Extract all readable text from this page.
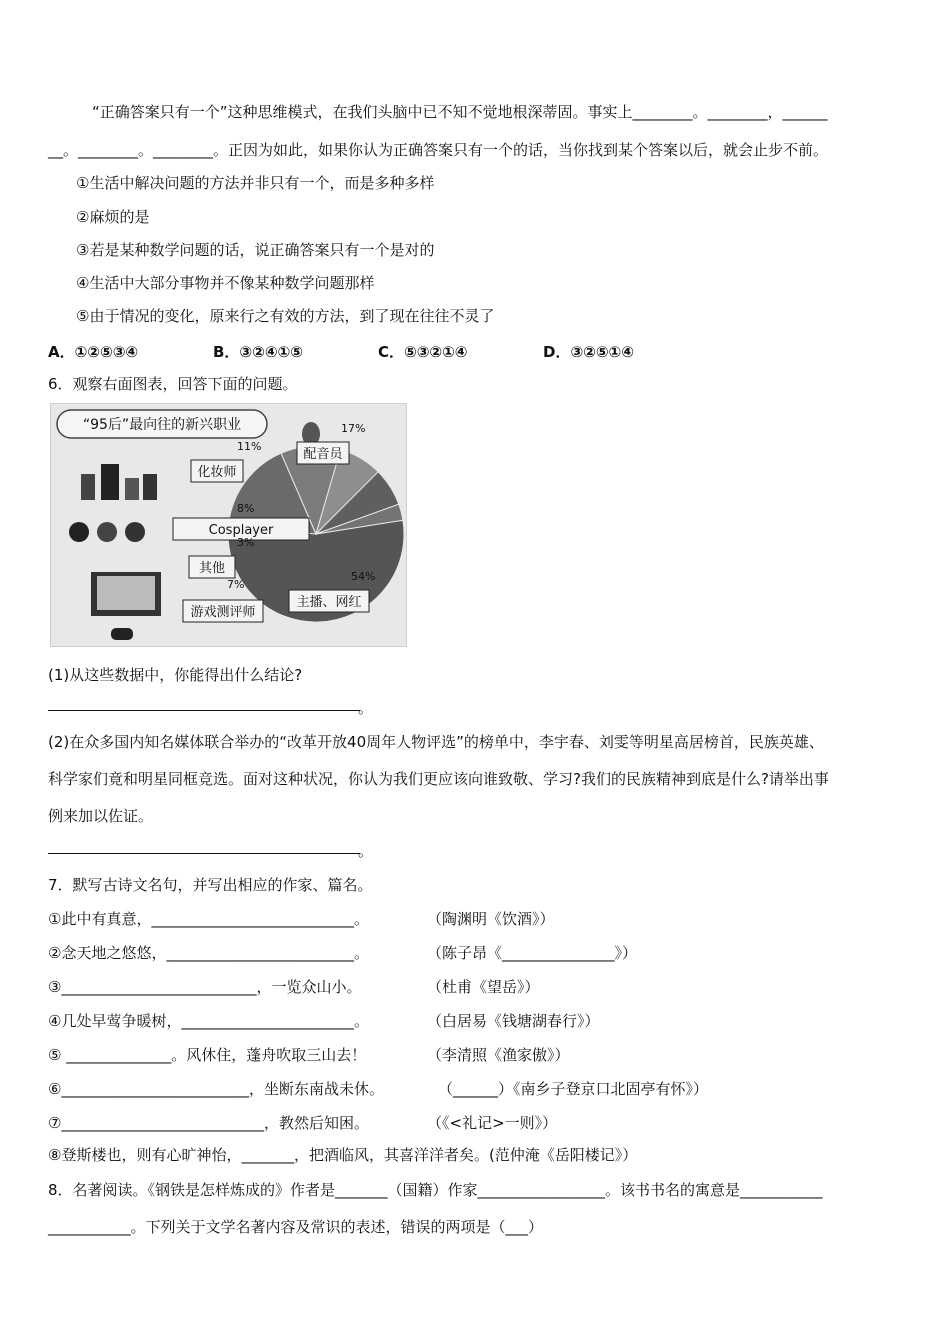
“正确答案只有一个”这种思维模式，在我们头脑中已不知不觉地根深蒂固。事实上________。________，______
__。________。________。正因为如此，如果你认为正确答案只有一个的话，当你找到某个答案以后，就会止步不前。
①生活中解决问题的方法并非只有一个，而是多种多样
②麻烦的是
③若是某种数学问题的话，说正确答案只有一个是对的
④生活中大部分事物并不像某种数学问题那样
⑤由于情况的变化，原来行之有效的方法，到了现在往往不灵了
A．①②⑤③④	B．③②④①⑤	C．⑤③②①④	D．③②⑤①④
6．观察右面图表，回答下面的问题。
“95后”最向往的新兴职业
主播、网红
54%
配音员
17%
化妆师
11%
Cosplayer
8%
游戏测评师
7%
其他
3%
(1)从这些数据中，你能得出什么结论?
。
(2)在众多国内知名媒体联合举办的“改革开放40周年人物评选”的榜单中，李宇春、刘雯等明星高居榜首，民族英雄、
科学家们竟和明星同框竞选。面对这种状况，你认为我们更应该向谁致敬、学习?我们的民族精神到底是什么?请举出事
例来加以佐证。
。
7．默写古诗文名句，并写出相应的作家、篇名。
①此中有真意，___________________________。	（陶渊明《饮酒》）
②念天地之悠悠，_________________________。	（陈子昂《_______________》）
③__________________________，一览众山小。	（杜甫《望岳》）
④几处早莺争暖树，_______________________。	（白居易《钱塘湖春行》）
⑤ ______________。风休住，蓬舟吹取三山去！	（李清照《渔家傲》）
⑥_________________________，坐断东南战未休。	（______）《南乡子登京口北固亭有怀》）
⑦___________________________，教然后知困。	（《<礼记>一则》）
⑧登斯楼也，则有心旷神怡，_______，把酒临风，其喜洋洋者矣。(范仲淹《岳阳楼记》）
8．名著阅读。《钢铁是怎样炼成的》作者是_______（国籍）作家_________________。该书书名的寓意是___________
___________。下列关于文学名著内容及常识的表述，错误的两项是（___）
